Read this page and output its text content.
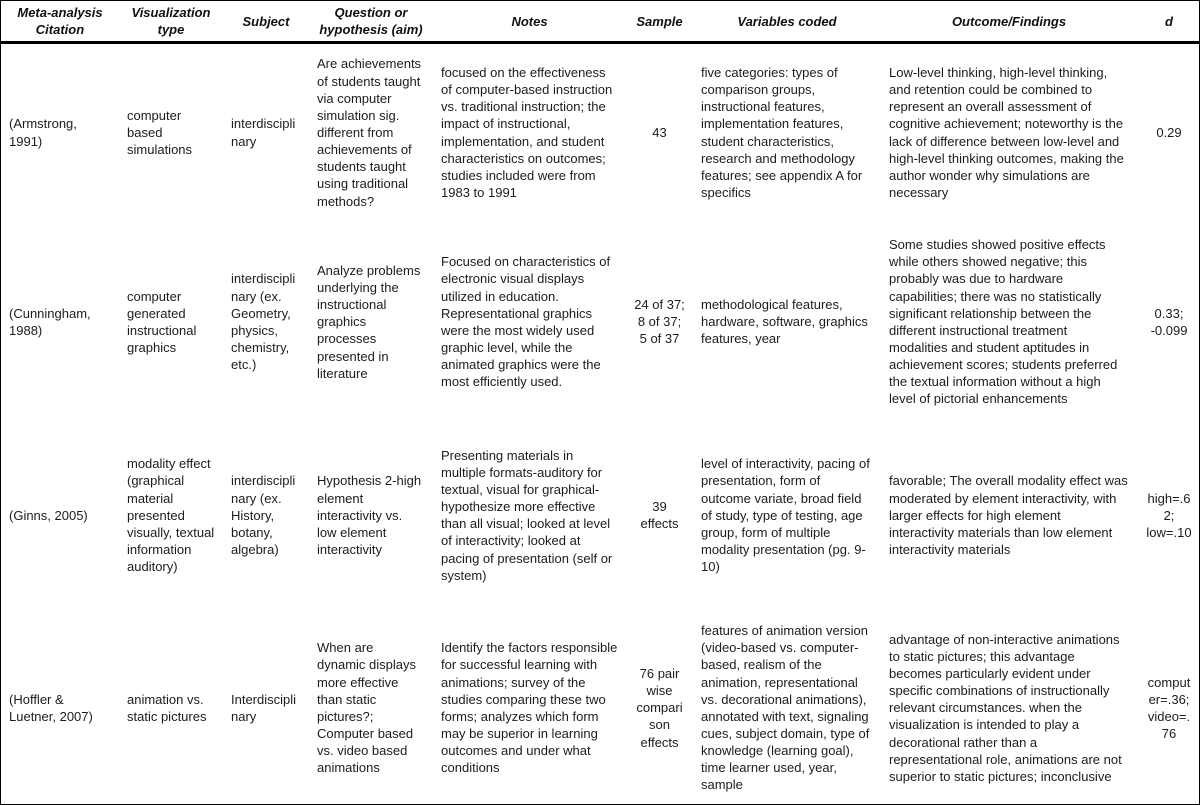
Meta-analysis Citation	Visualization type	Subject	Question or hypothesis (aim)	Notes	Sample	Variables coded	Outcome/Findings	d
(Armstrong, 1991)	computer based simulations	interdisciplinary	Are achievements of students taught via computer simulation sig. different from achievements of students taught using traditional methods?	focused on the effectiveness of computer-based instruction vs. traditional instruction; the impact of instructional, implementation, and student characteristics on outcomes; studies included were from 1983 to 1991	43	five categories: types of comparison groups, instructional features, implementation features, student characteristics, research and methodology features; see appendix A for specifics	Low-level thinking, high-level thinking, and retention could be combined to represent an overall assessment of cognitive achievement; noteworthy is the lack of difference between low-level and high-level thinking outcomes, making the author wonder why simulations are necessary	0.29
(Cunningham, 1988)	computer generated instructional graphics	interdisciplinary (ex. Geometry, physics, chemistry, etc.)	Analyze problems underlying the instructional graphics processes presented in literature	Focused on characteristics of electronic visual displays utilized in education. Representational graphics were the most widely used graphic level, while the animated graphics were the most efficiently used.	24 of 37; 8 of 37; 5 of 37	methodological features, hardware, software, graphics features, year	Some studies showed positive effects while others showed negative; this probably was due to hardware capabilities; there was no statistically significant relationship between the different instructional treatment modalities and student aptitudes in achievement scores; students preferred the textual information without a high level of pictorial enhancements	0.33; -0.099
(Ginns, 2005)	modality effect (graphical material presented visually, textual information auditory)	interdisciplinary (ex. History, botany, algebra)	Hypothesis 2-high element interactivity vs. low element interactivity	Presenting materials in multiple formats-auditory for textual, visual for graphical-hypothesize more effective than all visual; looked at level of interactivity; looked at pacing of presentation (self or system)	39 effects	level of interactivity, pacing of presentation, form of outcome variate, broad field of study, type of testing, age group, form of multiple modality presentation (pg. 9-10)	favorable; The overall modality effect was moderated by element interactivity, with larger effects for high element interactivity materials than low element interactivity materials	high=.62; low=.10
(Hoffler & Luetner, 2007)	animation vs. static pictures	Interdisciplinary	When are dynamic displays more effective than static pictures?; Computer based vs. video based animations	Identify the factors responsible for successful learning with animations; survey of the studies comparing these two forms; analyzes which form may be superior in learning outcomes and under what conditions	76 pair wise comparison effects	features of animation version (video-based vs. computer-based, realism of the animation, representational vs. decorational animations), annotated with text, signaling cues, subject domain, type of knowledge (learning goal), time learner used, year, sample	advantage of non-interactive animations to static pictures; this advantage becomes particularly evident under specific combinations of instructionally relevant circumstances. when the visualization is intended to play a decorational rather than a representational role, animations are not superior to static pictures; inconclusive	computer=.36; video=.76
